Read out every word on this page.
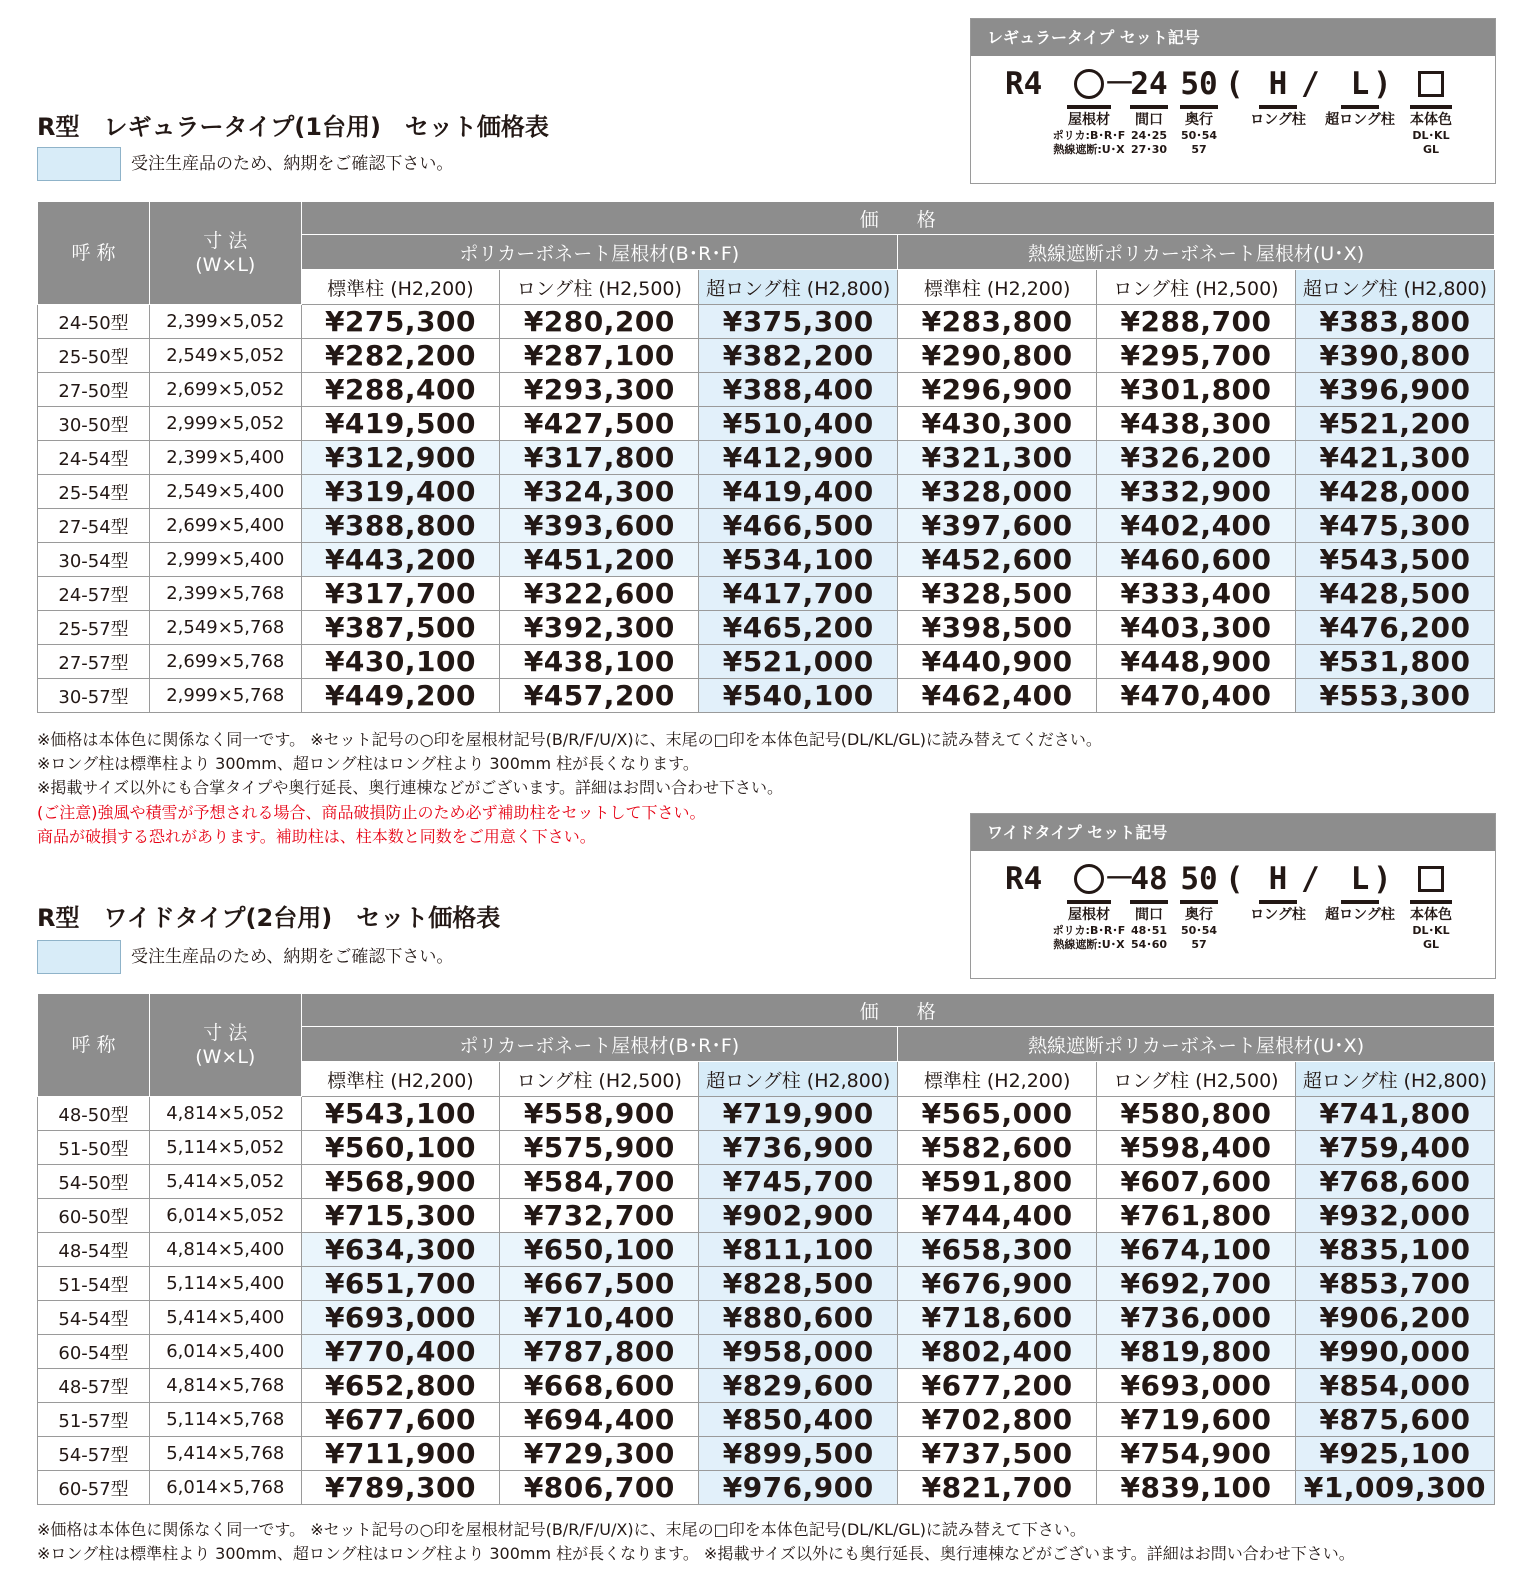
レギュラータイプ セット記号
R4
屋根材
ポリカ:B･R･F
熱線遮断:U･X
－
24
間口
24･25
27･30
50
奥行
50･54
57
( H
ロング柱
/ L
超ロング柱
)
本体色
DL･KL
GL
R型　レギュラータイプ(1台用)　セット価格表
受注生産品のため、納期をご確認下さい。
呼 称	寸 法
(W×L)	価　　格					
		ポリカーボネート屋根材(B･R･F)			熱線遮断ポリカーボネート屋根材(U･X)		
		標準柱 (H2,200)	ロング柱 (H2,500)	超ロング柱 (H2,800)	標準柱 (H2,200)	ロング柱 (H2,500)	超ロング柱 (H2,800)
24-50型	2,399×5,052	¥275,300	¥280,200	¥375,300	¥283,800	¥288,700	¥383,800
25-50型	2,549×5,052	¥282,200	¥287,100	¥382,200	¥290,800	¥295,700	¥390,800
27-50型	2,699×5,052	¥288,400	¥293,300	¥388,400	¥296,900	¥301,800	¥396,900
30-50型	2,999×5,052	¥419,500	¥427,500	¥510,400	¥430,300	¥438,300	¥521,200
24-54型	2,399×5,400	¥312,900	¥317,800	¥412,900	¥321,300	¥326,200	¥421,300
25-54型	2,549×5,400	¥319,400	¥324,300	¥419,400	¥328,000	¥332,900	¥428,000
27-54型	2,699×5,400	¥388,800	¥393,600	¥466,500	¥397,600	¥402,400	¥475,300
30-54型	2,999×5,400	¥443,200	¥451,200	¥534,100	¥452,600	¥460,600	¥543,500
24-57型	2,399×5,768	¥317,700	¥322,600	¥417,700	¥328,500	¥333,400	¥428,500
25-57型	2,549×5,768	¥387,500	¥392,300	¥465,200	¥398,500	¥403,300	¥476,200
27-57型	2,699×5,768	¥430,100	¥438,100	¥521,000	¥440,900	¥448,900	¥531,800
30-57型	2,999×5,768	¥449,200	¥457,200	¥540,100	¥462,400	¥470,400	¥553,300
※価格は本体色に関係なく同一です。 ※セット記号の○印を屋根材記号(B/R/F/U/X)に、末尾の□印を本体色記号(DL/KL/GL)に読み替えてください。
※ロング柱は標準柱より 300mm、超ロング柱はロング柱より 300mm 柱が長くなります。
※掲載サイズ以外にも合掌タイプや奥行延長、奥行連棟などがございます。詳細はお問い合わせ下さい。
(ご注意)強風や積雪が予想される場合、商品破損防止のため必ず補助柱をセットして下さい。
商品が破損する恐れがあります。補助柱は、柱本数と同数をご用意く下さい。	ワイドタイプ セット記号
R4
屋根材
ポリカ:B･R･F
熱線遮断:U･X
－
48
間口
48･51
54･60
50
奥行
50･54
57
( H
ロング柱
/ L
超ロング柱
)
本体色
DL･KL
GL
R型　ワイドタイプ(2台用)　セット価格表
受注生産品のため、納期をご確認下さい。
呼 称	寸 法
(W×L)	価　　格					
		ポリカーボネート屋根材(B･R･F)			熱線遮断ポリカーボネート屋根材(U･X)		
		標準柱 (H2,200)	ロング柱 (H2,500)	超ロング柱 (H2,800)	標準柱 (H2,200)	ロング柱 (H2,500)	超ロング柱 (H2,800)
48-50型	4,814×5,052	¥543,100	¥558,900	¥719,900	¥565,000	¥580,800	¥741,800
51-50型	5,114×5,052	¥560,100	¥575,900	¥736,900	¥582,600	¥598,400	¥759,400
54-50型	5,414×5,052	¥568,900	¥584,700	¥745,700	¥591,800	¥607,600	¥768,600
60-50型	6,014×5,052	¥715,300	¥732,700	¥902,900	¥744,400	¥761,800	¥932,000
48-54型	4,814×5,400	¥634,300	¥650,100	¥811,100	¥658,300	¥674,100	¥835,100
51-54型	5,114×5,400	¥651,700	¥667,500	¥828,500	¥676,900	¥692,700	¥853,700
54-54型	5,414×5,400	¥693,000	¥710,400	¥880,600	¥718,600	¥736,000	¥906,200
60-54型	6,014×5,400	¥770,400	¥787,800	¥958,000	¥802,400	¥819,800	¥990,000
48-57型	4,814×5,768	¥652,800	¥668,600	¥829,600	¥677,200	¥693,000	¥854,000
51-57型	5,114×5,768	¥677,600	¥694,400	¥850,400	¥702,800	¥719,600	¥875,600
54-57型	5,414×5,768	¥711,900	¥729,300	¥899,500	¥737,500	¥754,900	¥925,100
60-57型	6,014×5,768	¥789,300	¥806,700	¥976,900	¥821,700	¥839,100	¥1,009,300
※価格は本体色に関係なく同一です。 ※セット記号の○印を屋根材記号(B/R/F/U/X)に、末尾の□印を本体色記号(DL/KL/GL)に読み替えて下さい。
※ロング柱は標準柱より 300mm、超ロング柱はロング柱より 300mm 柱が長くなります。 ※掲載サイズ以外にも奥行延長、奥行連棟などがございます。詳細はお問い合わせ下さい。
